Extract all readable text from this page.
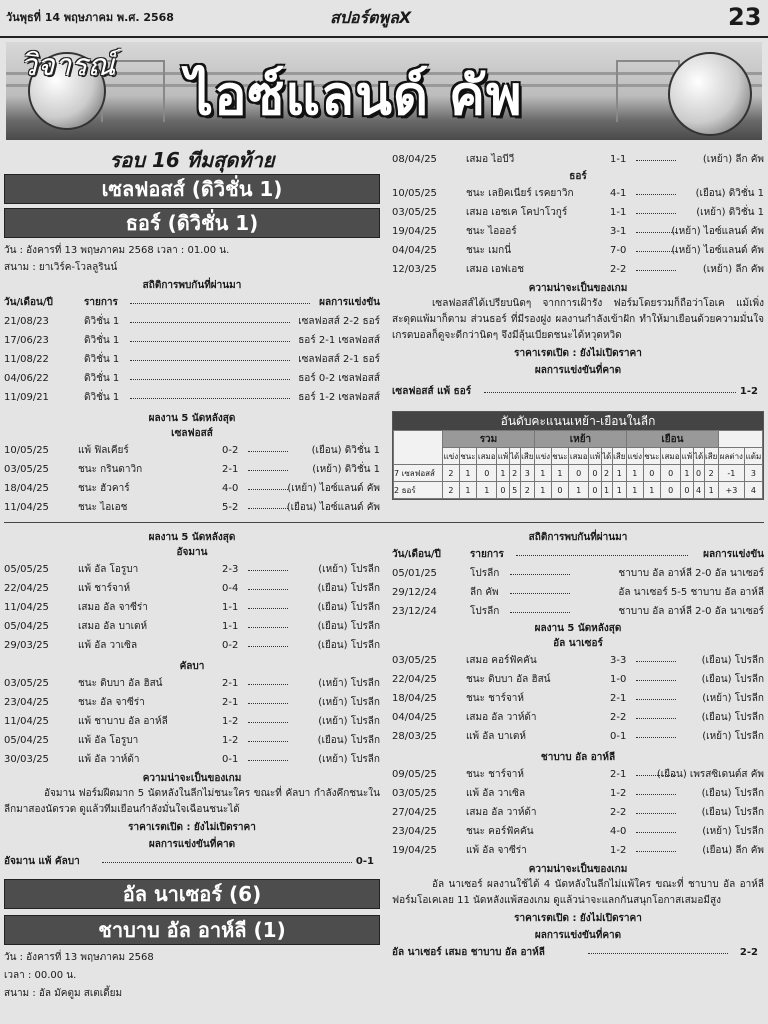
วันพุธที่ 14 พฤษภาคม พ.ศ. 2568	สปอร์ตพูลX	23
วิจารณ์ ไอซ์แลนด์ คัพ
รอบ 16 ทีมสุดท้าย
เซลฟอสส์ (ดิวิชั่น 1)
ธอร์ (ดิวิชั่น 1)
วัน : อังคารที่ 13 พฤษภาคม 2568 เวลา : 01.00 น.
สนาม : ยาเวิร์ค-โวลลูรินน์
สถิติการพบกันที่ผ่านมา
วัน/เดือน/ปี	รายการ	ผลการแข่งขัน
21/08/23	ดิวิชั่น 1	เซลฟอสส์ 2-2 ธอร์
17/06/23	ดิวิชั่น 1	ธอร์ 2-1 เซลฟอสส์
11/08/22	ดิวิชั่น 1	เซลฟอสส์ 2-1 ธอร์
04/06/22	ดิวิชั่น 1	ธอร์ 0-2 เซลฟอสส์
11/09/21	ดิวิชั่น 1	ธอร์ 1-2 เซลฟอสส์
ผลงาน 5 นัดหลังสุด
เซลฟอสส์
10/05/25	แพ้ ฟิลเคียร์	0-2	(เยือน) ดิวิชั่น 1
03/05/25	ชนะ กรินดาวิก	2-1	(เหย้า) ดิวิชั่น 1
18/04/25	ชนะ ฮัวคาร์	4-0	(เหย้า) ไอซ์แลนด์ คัพ
11/04/25	ชนะ ไอเอช	5-2	(เยือน) ไอซ์แลนด์ คัพ
08/04/25	เสมอ ไอบีวี	1-1	(เหย้า) ลีก คัพ
ธอร์
10/05/25	ชนะ เลยิคเนียร์ เรคยาวิก	4-1	(เยือน) ดิวิชั่น 1
03/05/25	เสมอ เอชเค โคปาโวกูร์	1-1	(เหย้า) ดิวิชั่น 1
19/04/25	ชนะ ไอออร์	3-1	(เหย้า) ไอซ์แลนด์ คัพ
04/04/25	ชนะ เมกนี่	7-0	(เหย้า) ไอซ์แลนด์ คัพ
12/03/25	เสมอ เอฟเอช	2-2	(เหย้า) ลีก คัพ
ความน่าจะเป็นของเกม
เซลฟอสส์ได้เปรียบนิดๆ จากการเฝ้ารัง ฟอร์มโดยรวมก็ถือว่าโอเค แม้เพิ่งสะดุดแพ้มาก็ตาม ส่วนธอร์ ที่มีรองฝูง ผลงานกำลังเข้าฝัก ทำให้มาเยือนด้วยความมั่นใจ เกรดบอลก็ดูจะดีกว่านิดๆ จึงมีลุ้นเบียดชนะได้หวุดหวิด
ราคาเรตเปิด : ยังไม่เปิดราคา
ผลการแข่งขันที่คาด
เซลฟอสส์ แพ้ ธอร์	1-2
อันดับคะแนนเหย้า-เยือนในลีก
	รวม						เหย้า						เยือน							
	แข่ง	ชนะ	เสมอ	แพ้	ได้	เสีย	แข่ง	ชนะ	เสมอ	แพ้	ได้	เสีย	แข่ง	ชนะ	เสมอ	แพ้	ได้	เสีย	ผลต่าง	แต้ม
7 เซลฟอสส์	2	1	0	1	2	3	1	1	0	0	2	1	1	0	0	1	0	2	-1	3
2 ธอร์	2	1	1	0	5	2	1	0	1	0	1	1	1	1	0	0	4	1	+3	4
ผลงาน 5 นัดหลังสุด
อัจมาน
05/05/25	แพ้ อัล โอรูบา	2-3	(เหย้า) โปรลีก
22/04/25	แพ้ ชาร์จาห์	0-4	(เยือน) โปรลีก
11/04/25	เสมอ อัล จาซีร่า	1-1	(เยือน) โปรลีก
05/04/25	เสมอ อัล บาเตห์	1-1	(เยือน) โปรลีก
29/03/25	แพ้ อัล วาเซิล	0-2	(เยือน) โปรลีก
คัลบา
03/05/25	ชนะ ดิบบา อัล ฮิสน์	2-1	(เหย้า) โปรลีก
23/04/25	ชนะ อัล จาซีร่า	2-1	(เหย้า) โปรลีก
11/04/25	แพ้ ชาบาบ อัล อาห์ลี	1-2	(เหย้า) โปรลีก
05/04/25	แพ้ อัล โอรูบา	1-2	(เยือน) โปรลีก
30/03/25	แพ้ อัล วาห์ด้า	0-1	(เหย้า) โปรลีก
ความน่าจะเป็นของเกม
อัจมาน ฟอร์มฝืดมาก 5 นัดหลังในลีกไม่ชนะใคร ขณะที่ คัลบา กำลังคึกชนะในลีกมาสองนัดรวด ดูแล้วทีมเยือนกำลังมั่นใจเฉือนชนะได้
ราคาเรตเปิด : ยังไม่เปิดราคา
ผลการแข่งขันที่คาด
อัจมาน แพ้ คัลบา	0-1
อัล นาเซอร์ (6)
ชาบาบ อัล อาห์ลี (1)
วัน : อังคารที่ 13 พฤษภาคม 2568
เวลา : 00.00 น.
สนาม : อัล มัคตูม สเตเดี้ยม
สถิติการพบกันที่ผ่านมา
วัน/เดือน/ปี	รายการ	ผลการแข่งขัน
05/01/25	โปรลีก	ชาบาบ อัล อาห์ลี 2-0 อัล นาเซอร์
29/12/24	ลีก คัพ	อัล นาเซอร์ 5-5 ชาบาบ อัล อาห์ลี
23/12/24	โปรลีก	ชาบาบ อัล อาห์ลี 2-0 อัล นาเซอร์
ผลงาน 5 นัดหลังสุด
อัล นาเซอร์
03/05/25	เสมอ คอร์ฟัคคัน	3-3	(เยือน) โปรลีก
22/04/25	ชนะ ดิบบา อัล ฮิสน์	1-0	(เยือน) โปรลีก
18/04/25	ชนะ ชาร์จาห์	2-1	(เหย้า) โปรลีก
04/04/25	เสมอ อัล วาห์ด้า	2-2	(เยือน) โปรลีก
28/03/25	แพ้ อัล บาเตห์	0-1	(เหย้า) โปรลีก
ชาบาบ อัล อาห์ลี
09/05/25	ชนะ ชาร์จาห์	2-1	(เยือน) เพรสซิเดนต์ส คัพ
03/05/25	แพ้ อัล วาเซิล	1-2	(เยือน) โปรลีก
27/04/25	เสมอ อัล วาห์ด้า	2-2	(เยือน) โปรลีก
23/04/25	ชนะ คอร์ฟัคคัน	4-0	(เหย้า) โปรลีก
19/04/25	แพ้ อัล จาซีร่า	1-2	(เยือน) ลีก คัพ
ความน่าจะเป็นของเกม
อัล นาเซอร์ ผลงานใช้ได้ 4 นัดหลังในลีกไม่แพ้ใคร ขณะที่ ชาบาบ อัล อาห์ลี ฟอร์มโอเคเลย 11 นัดหลังแพ้สองเกม ดูแล้วน่าจะแลกกันสนุกโอกาสเสมอมีสูง
ราคาเรตเปิด : ยังไม่เปิดราคา
ผลการแข่งขันที่คาด
อัล นาเซอร์ เสมอ ชาบาบ อัล อาห์ลี	2-2
